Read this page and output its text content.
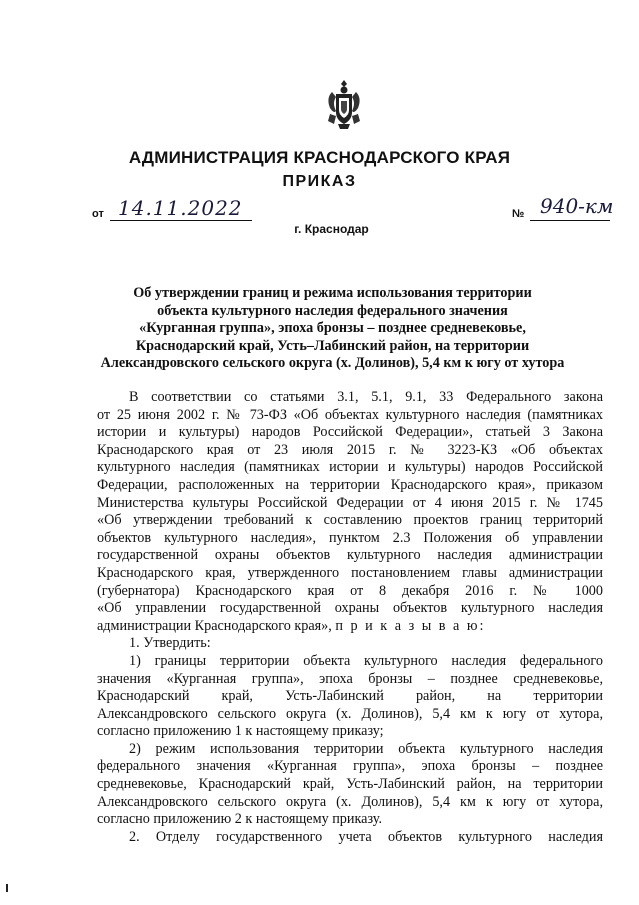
АДМИНИСТРАЦИЯ КРАСНОДАРСКОГО КРАЯ
ПРИКАЗ
от 14.11.2022	№ 940-км
г. Краснодар
Об утверждении границ и режима использования территории
объекта культурного наследия федерального значения
«Курганная группа», эпоха бронзы – позднее средневековье,
Краснодарский край, Усть–Лабинский район, на территории
Александровского сельского округа (х. Долинов), 5,4 км к югу от хутора
В соответствии со статьями 3.1, 5.1, 9.1, 33 Федерального закона
от 25 июня 2002 г. № 73-ФЗ «Об объектах культурного наследия (памятниках
истории и культуры) народов Российской Федерации», статьей 3 Закона
Краснодарского края от 23 июля 2015 г. № 3223-КЗ «Об объектах
культурного наследия (памятниках истории и культуры) народов Российской
Федерации, расположенных на территории Краснодарского края», приказом
Министерства культуры Российской Федерации от 4 июня 2015 г. № 1745
«Об утверждении требований к составлению проектов границ территорий
объектов культурного наследия», пунктом 2.3 Положения об управлении
государственной охраны объектов культурного наследия администрации
Краснодарского края, утвержденного постановлением главы администрации
(губернатора) Краснодарского края от 8 декабря 2016 г. № 1000
«Об управлении государственной охраны объектов культурного наследия
администрации Краснодарского края», п р и к а з ы в а ю:
1. Утвердить:
1) границы территории объекта культурного наследия федерального
значения «Курганная группа», эпоха бронзы – позднее средневековье,
Краснодарский край, Усть-Лабинский район, на территории
Александровского сельского округа (х. Долинов), 5,4 км к югу от хутора,
согласно приложению 1 к настоящему приказу;
2) режим использования территории объекта культурного наследия
федерального значения «Курганная группа», эпоха бронзы – позднее
средневековье, Краснодарский край, Усть-Лабинский район, на территории
Александровского сельского округа (х. Долинов), 5,4 км к югу от хутора,
согласно приложению 2 к настоящему приказу.
2. Отделу государственного учета объектов культурного наследия
